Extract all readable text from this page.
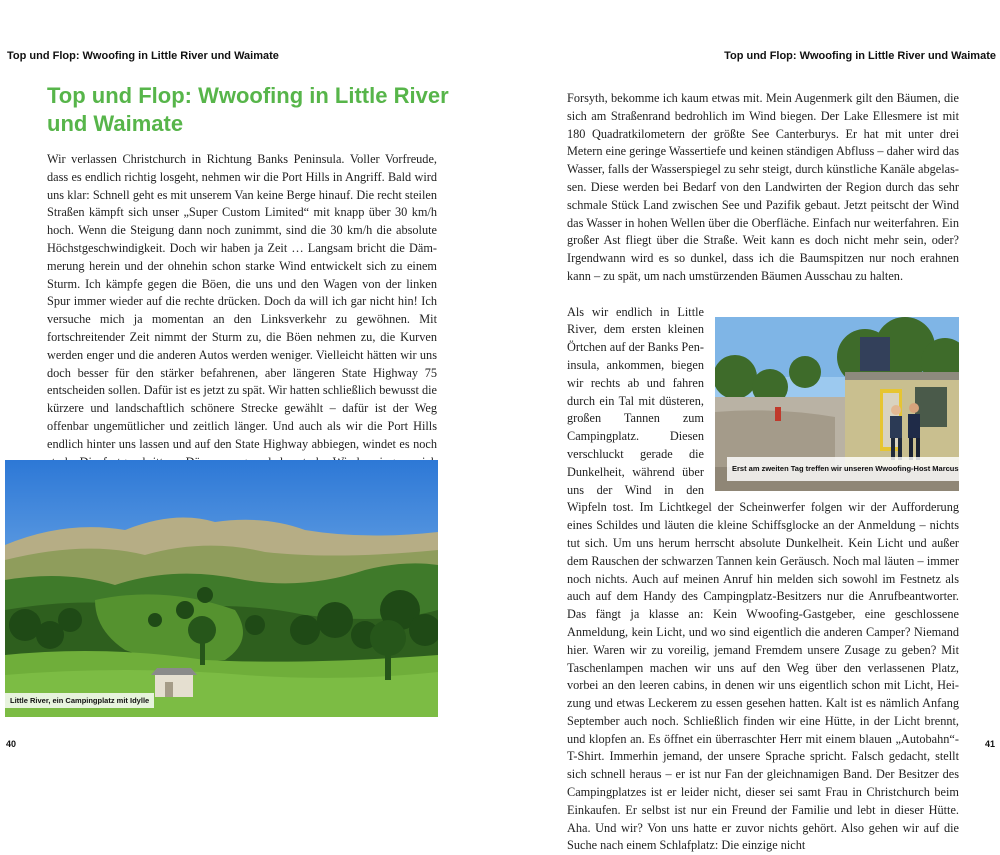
Top und Flop: Wwoofing in Little River und Waimate
Top und Flop: Wwoofing in Little River und Waimate

Wir verlassen Christchurch in Richtung Banks Peninsula. Voller Vorfreude, dass es endlich richtig losgeht, nehmen wir die Port Hills in Angriff. Bald wird uns klar: Schnell geht es mit unserem Van keine Berge hinauf. Die recht steilen Straßen kämpft sich unser „Super Custom Limited“ mit knapp über 30 km/h hoch. Wenn die Steigung dann noch zunimmt, sind die 30 km/h die absolute Höchstgeschwindigkeit. Doch wir haben ja Zeit … Langsam bricht die Dämmerung herein und der ohnehin schon starke Wind entwickelt sich zu einem Sturm. Ich kämpfe gegen die Böen, die uns und den Wagen von der linken Spur immer wieder auf die rechte drücken. Doch da will ich gar nicht hin! Ich versuche mich ja momentan an den Linksverkehr zu gewöhnen. Mit fortschreitender Zeit nimmt der Sturm zu, die Böen nehmen zu, die Kurven werden enger und die anderen Autos werden weniger. Vielleicht hätten wir uns doch besser für den stärker befahrenen, aber längeren State Highway 75 entscheiden sollen. Dafür ist es jetzt zu spät. Wir hatten schließlich bewusst die kürzere und landschaftlich schönere Strecke gewählt – dafür ist der Weg offenbar ungemütlicher und zeitlich länger. Und auch als wir die Port Hills endlich hinter uns lassen und auf den State Highway abbiegen, windet es noch

Little River, ein Campingplatz mit Idylle
40
Top und Flop: Wwoofing in Little River und Waimate

Forsyth, bekomme ich kaum etwas mit. Mein Augenmerk gilt den Bäumen, die sich am Straßenrand bedrohlich im Wind biegen. Der Lake Ellesmere ist mit 180 Quadratkilometern der größte See Canterburys. Er hat mit unter drei Metern eine geringe Wassertiefe und keinen ständigen Abfluss – daher wird das Wasser, falls der Wasserspiegel zu sehr steigt, durch künstliche Kanäle abgelassen. Diese werden bei Bedarf von den Landwirten der Region durch das sehr schmale Stück Land zwischen See und Pazifik gebaut. Jetzt peitscht der Wind das Wasser in hohen Wellen über die Oberfläche. Einfach nur weiterfahren. Ein großer Ast fliegt über die Straße. Weit kann es doch nicht mehr sein, oder? Irgendwann wird es so dunkel, dass ich die Baumspitzen nur noch erahnen kann – zu spät, um nach umstürzenden Bäumen Ausschau zu halten.

Erst am zweiten Tag treffen wir unseren Wwoofing-Host Marcus
Als wir endlich in Little River, dem ersten kleinen Örtchen auf der Banks Peninsula, ankommen, biegen wir rechts ab und fahren durch ein Tal mit düsteren, großen Tannen zum Campingplatz. Diesen verschluckt gerade die Dunkelheit, während über uns der Wind in den Wipfeln tost. Im Lichtkegel der Scheinwerfer folgen wir der Aufforderung eines Schildes und läuten die kleine Schiffsglocke an der Anmeldung – nichts tut sich. Um uns herum herrscht absolute Dunkelheit. Kein Licht und außer dem Rauschen der schwarzen Tannen kein Geräusch. Noch mal läuten – immer noch nichts. Auch auf meinen Anruf hin melden sich sowohl im Festnetz als auch auf dem Handy des Campingplatz-Besitzers nur die Anrufbeantworter. Das fängt ja klasse an: Kein Wwoofing-Gastgeber, eine geschlossene Anmeldung, kein Licht, und wo sind eigentlich die anderen Camper? Niemand hier. Waren wir zu voreilig, jemand Fremdem unsere Zusage zu geben? Mit Taschenlampen machen wir uns auf den Weg über den verlassenen Platz, vorbei an den leeren cabins, in denen wir uns eigentlich schon mit Licht, Heizung und etwas Leckerem zu essen gesehen hatten. Kalt ist es nämlich Anfang September auch noch. Schließlich finden wir eine Hütte, in der Licht brennt, und klopfen an. Es öffnet ein überraschter Herr mit einem blauen „Autobahn“-T-Shirt. Immerhin jemand, der unsere Sprache spricht. Falsch gedacht, stellt sich schnell heraus – er ist nur Fan der gleichnamigen Band. Der Besitzer des Campingplatzes ist er leider nicht, dieser sei samt Frau in Christchurch beim Einkaufen. Er selbst ist nur ein Freund der Familie und lebt in dieser Hütte. Aha. Und wir? Von uns hatte er zuvor nichts gehört. Also gehen wir auf die Suche nach einem Schlafplatz: Die einzige nicht

41
